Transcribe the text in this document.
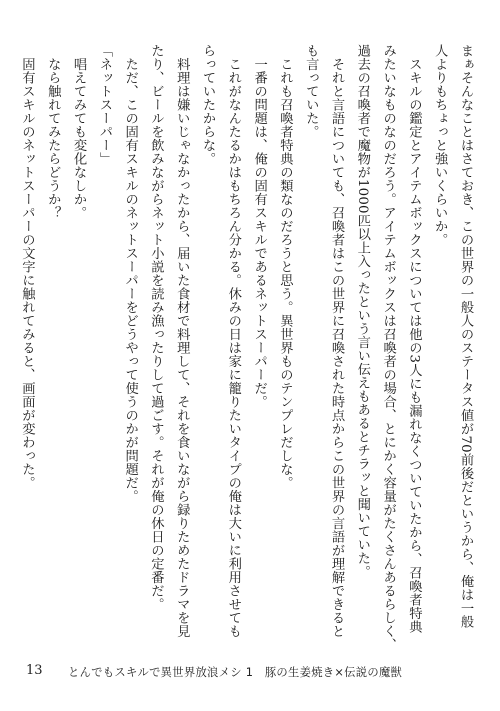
まぁそんなことはさておき、この世界の一般人のステータス値が70前後だというから、俺は一般
人よりもちょっと強いくらいか。
　スキルの鑑定とアイテムボックスについては他の3人にも漏れなくついていたから、召喚者特典
みたいなものなのだろう。アイテムボックスは召喚者の場合、とにかく容量がたくさんあるらしく、
過去の召喚者で魔物が1000匹以上入ったという言い伝えもあるとチラッと聞いていた。
　それと言語についても、召喚者はこの世界に召喚された時点からこの世界の言語が理解できると
も言っていた。
　これも召喚者特典の類なのだろうと思う。異世界ものテンプレだしな。
　一番の問題は、俺の固有スキルであるネットスーパーだ。
　これがなんたるかはもちろん分かる。休みの日は家に籠りたいタイプの俺は大いに利用させても
らっていたからな。
　料理は嫌いじゃなかったから、届いた食材で料理して、それを食いながら録りためたドラマを見
たり、ビールを飲みながらネット小説を読み漁ったりして過ごす。それが俺の休日の定番だ。
　ただ、この固有スキルのネットスーパーをどうやって使うのかが問題だ。
「ネットスーパー」
　唱えてみても変化なしか。
　なら触れてみたらどうか？
　固有スキルのネットスーパーの文字に触れてみると、画面が変わった。
13 とんでもスキルで異世界放浪メシ 1　豚の生姜焼き×伝説の魔獣
